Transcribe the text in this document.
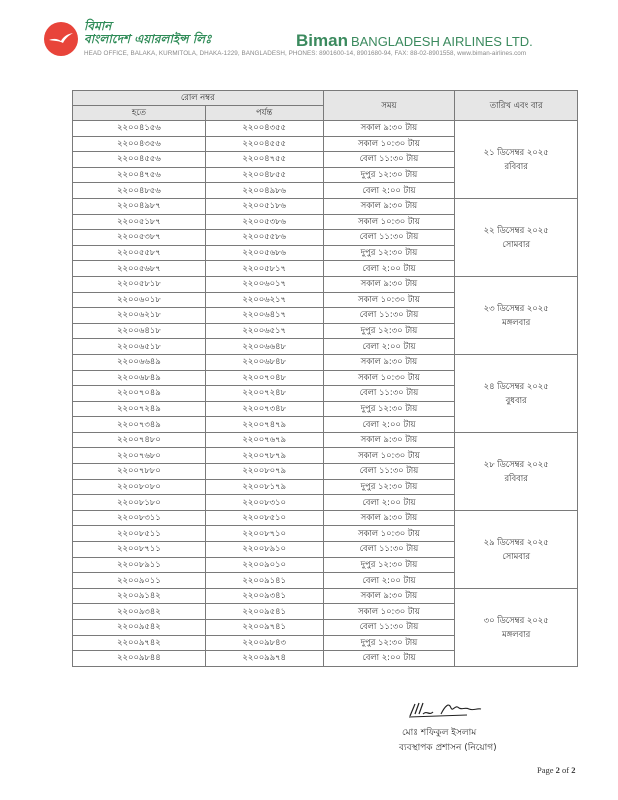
বিমান
বাংলাদেশ এয়ারলাইন্স লিঃ	Biman BANGLADESH AIRLINES LTD.
HEAD OFFICE, BALAKA, KURMITOLA, DHAKA-1229, BANGLADESH, PHONES: 8901600-14, 8901680-94, FAX: 88-02-8901558, www.biman-airlines.com
রোল নম্বর		সময়	তারিখ এবং বার
হতে	পর্যন্ত		
২২০০৪১৫৬	২২০০৪৩৫৫	সকাল ৯:৩০ টায়	২১ ডিসেম্বর ২০২৫
রবিবার

২২০০৪৩৫৬	২২০০৪৫৫৫	সকাল ১০:৩০ টায়	
২২০০৪৫৫৬	২২০০৪৭৫৫	বেলা ১১:৩০ টায়	
২২০০৪৭৫৬	২২০০৪৮৫৫	দুপুর ১২:৩০ টায়	
২২০০৪৮৫৬	২২০০৪৯৮৬	বেলা ২:০০ টায়	
২২০০৪৯৮৭	২২০০৫১৮৬	সকাল ৯:৩০ টায়	২২ ডিসেম্বর ২০২৫
সোমবার

২২০০৫১৮৭	২২০০৫৩৮৬	সকাল ১০:৩০ টায়	
২২০০৫৩৮৭	২২০০৫৫৮৬	বেলা ১১:৩০ টায়	
২২০০৫৫৮৭	২২০০৫৬৮৬	দুপুর ১২:৩০ টায়	
২২০০৫৬৮৭	২২০০৫৮১৭	বেলা ২:০০ টায়	
২২০০৫৮১৮	২২০০৬০১৭	সকাল ৯:৩০ টায়	২৩ ডিসেম্বর ২০২৫
মঙ্গলবার

২২০০৬০১৮	২২০০৬২১৭	সকাল ১০:৩০ টায়	
২২০০৬২১৮	২২০০৬৪১৭	বেলা ১১:৩০ টায়	
২২০০৬৪১৮	২২০০৬৫১৭	দুপুর ১২:৩০ টায়	
২২০০৬৫১৮	২২০০৬৬৪৮	বেলা ২:০০ টায়	
২২০০৬৬৪৯	২২০০৬৮৪৮	সকাল ৯:৩০ টায়	২৪ ডিসেম্বর ২০২৫
বুধবার

২২০০৬৮৪৯	২২০০৭০৪৮	সকাল ১০:৩০ টায়	
২২০০৭০৪৯	২২০০৭২৪৮	বেলা ১১:৩০ টায়	
২২০০৭২৪৯	২২০০৭৩৪৮	দুপুর ১২:৩০ টায়	
২২০০৭৩৪৯	২২০০৭৪৭৯	বেলা ২:০০ টায়	
২২০০৭৪৮০	২২০০৭৬৭৯	সকাল ৯:৩০ টায়	২৮ ডিসেম্বর ২০২৫
রবিবার

২২০০৭৬৮০	২২০০৭৮৭৯	সকাল ১০:৩০ টায়	
২২০০৭৮৮০	২২০০৮০৭৯	বেলা ১১:৩০ টায়	
২২০০৮০৮০	২২০০৮১৭৯	দুপুর ১২:৩০ টায়	
২২০০৮১৮০	২২০০৮৩১০	বেলা ২:০০ টায়	
২২০০৮৩১১	২২০০৮৫১০	সকাল ৯:৩০ টায়	২৯ ডিসেম্বর ২০২৫
সোমবার

২২০০৮৫১১	২২০০৮৭১০	সকাল ১০:৩০ টায়	
২২০০৮৭১১	২২০০৮৯১০	বেলা ১১:৩০ টায়	
২২০০৮৯১১	২২০০৯০১০	দুপুর ১২:৩০ টায়	
২২০০৯০১১	২২০০৯১৪১	বেলা ২:০০ টায়	
২২০০৯১৪২	২২০০৯৩৪১	সকাল ৯:৩০ টায়	৩০ ডিসেম্বর ২০২৫
মঙ্গলবার

২২০০৯৩৪২	২২০০৯৫৪১	সকাল ১০:৩০ টায়	
২২০০৯৫৪২	২২০০৯৭৪১	বেলা ১১:৩০ টায়	
২২০০৯৭৪২	২২০০৯৮৪৩	দুপুর ১২:৩০ টায়	
২২০০৯৮৪৪	২২০০৯৯৭৪	বেলা ২:০০ টায়	
মোঃ শফিকুল ইসলাম
ব্যবস্থাপক প্রশাসন (নিয়োগ)
Page 2 of 2
